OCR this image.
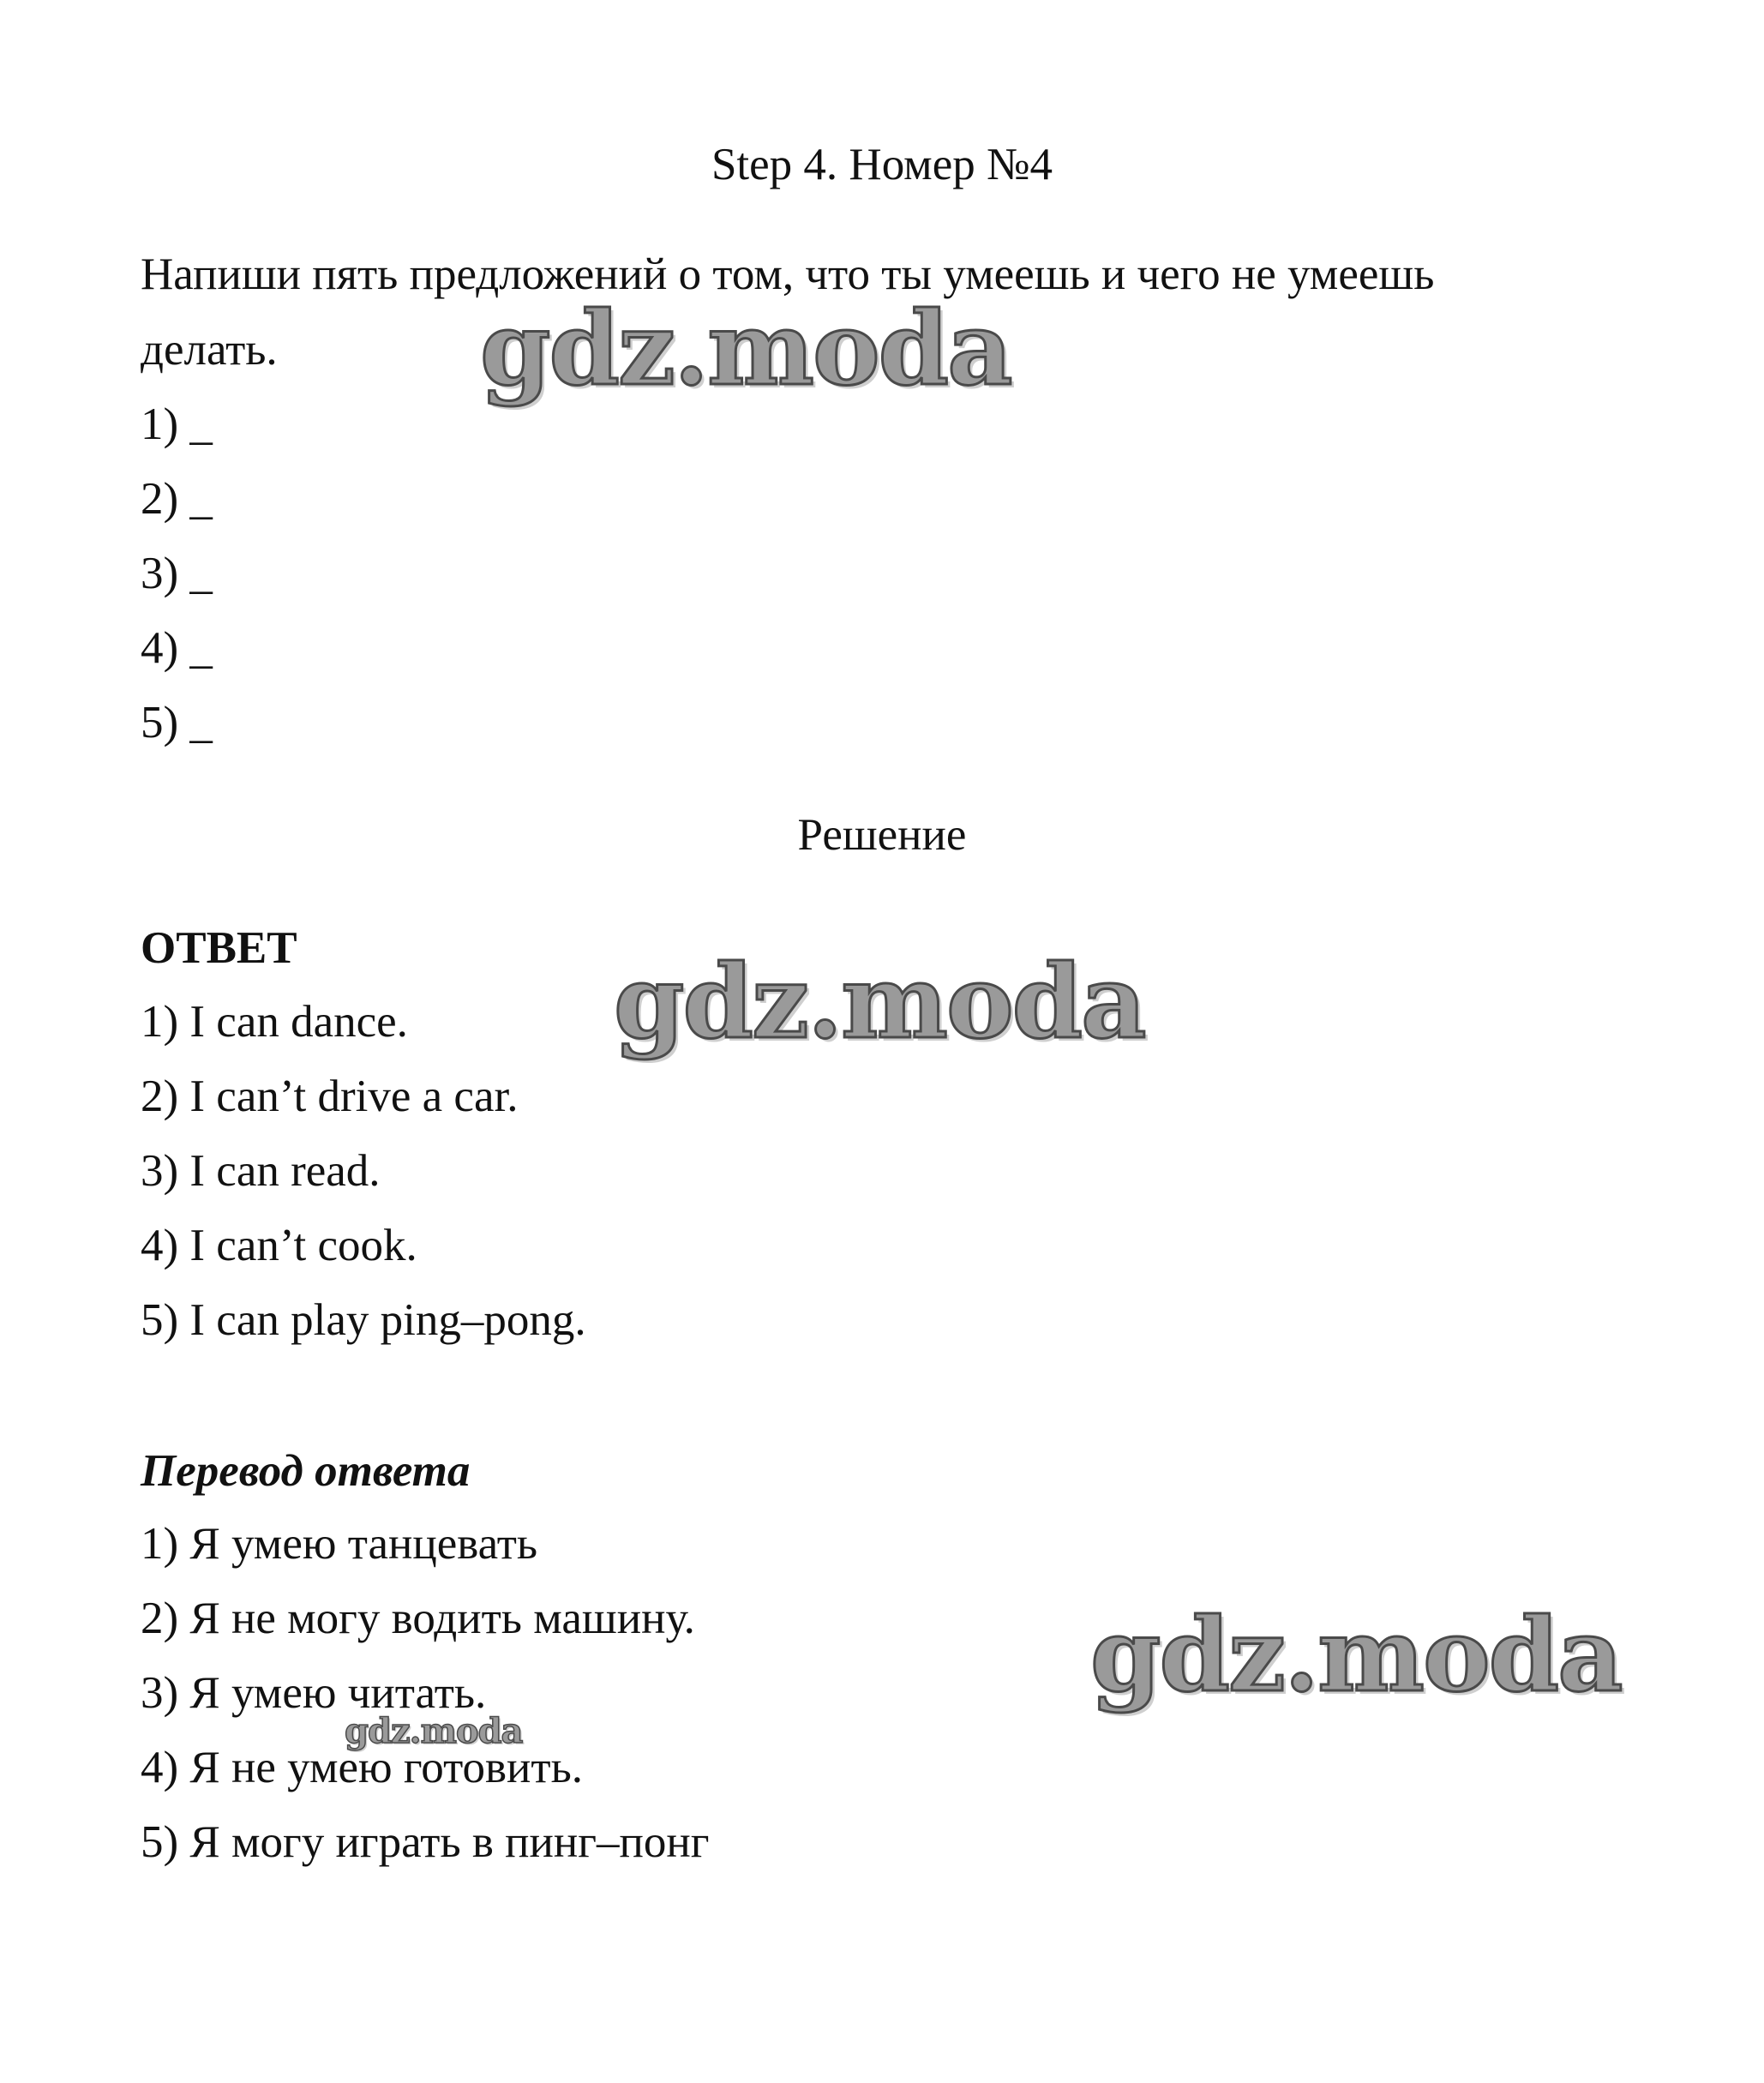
Step 4. Номер №4
Напиши пять предложений о том, что ты умеешь и чего не умеешь
делать.
1) _
2) _
3) _
4) _
5) _
Решение
ОТВЕТ
1) I can dance.
2) I can’t drive a car.
3) I can read.
4) I can’t cook.
5) I can play ping–pong.
Перевод ответа
1) Я умею танцевать
2) Я не могу водить машину.
3) Я умею читать.
4) Я не умею готовить.
5) Я могу играть в пинг–понг
gdz.moda
gdz.moda
gdz.moda
gdz.moda
